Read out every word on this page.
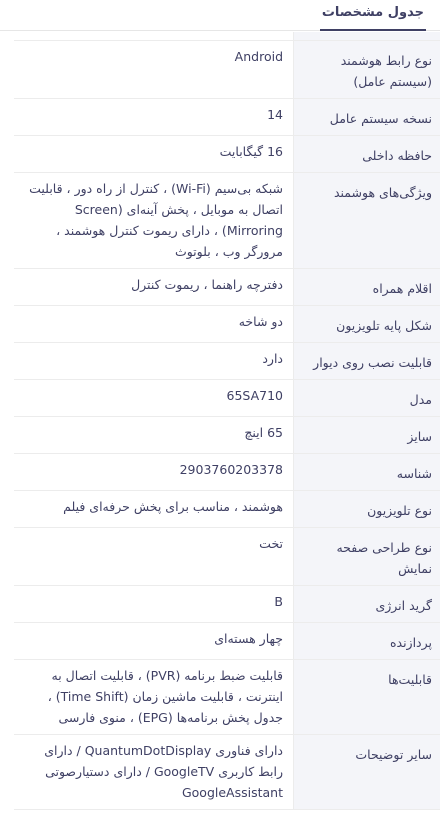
جدول مشخصات
نوع رابط هوشمند (سیستم عامل)
Android
نسخه سیستم عامل
14
حافظه داخلی
16 گیگابایت
ویژگی‌های هوشمند
شبکه بی‌سیم (Wi-Fi) ، کنترل از راه دور ، قابلیت اتصال به موبایل ، پخش آینه‌ای (Screen Mirroring) ، دارای ریموت کنترل هوشمند ، مرورگر وب ، بلوتوث
اقلام همراه
دفترچه راهنما ، ریموت کنترل
شکل پایه تلویزیون
دو شاخه
قابلیت نصب روی دیوار
دارد
مدل
65SA710
سایز
65 اینچ
شناسه
2903760203378
نوع تلویزیون
هوشمند ، مناسب برای پخش حرفه‌ای فیلم
نوع طراحی صفحه نمایش
تخت
گرید انرژی
B
پردازنده
چهار هسته‌ای
قابلیت‌ها
قابلیت ضبط برنامه (PVR) ، قابلیت اتصال به اینترنت ، قابلیت ماشین زمان (Time Shift) ، جدول پخش برنامه‌ها (EPG) ، منوی فارسی
سایر توضیحات
دارای فناوری QuantumDotDisplay / دارای رابط کاربری GoogleTV / دارای دستیارصوتی GoogleAssistant
